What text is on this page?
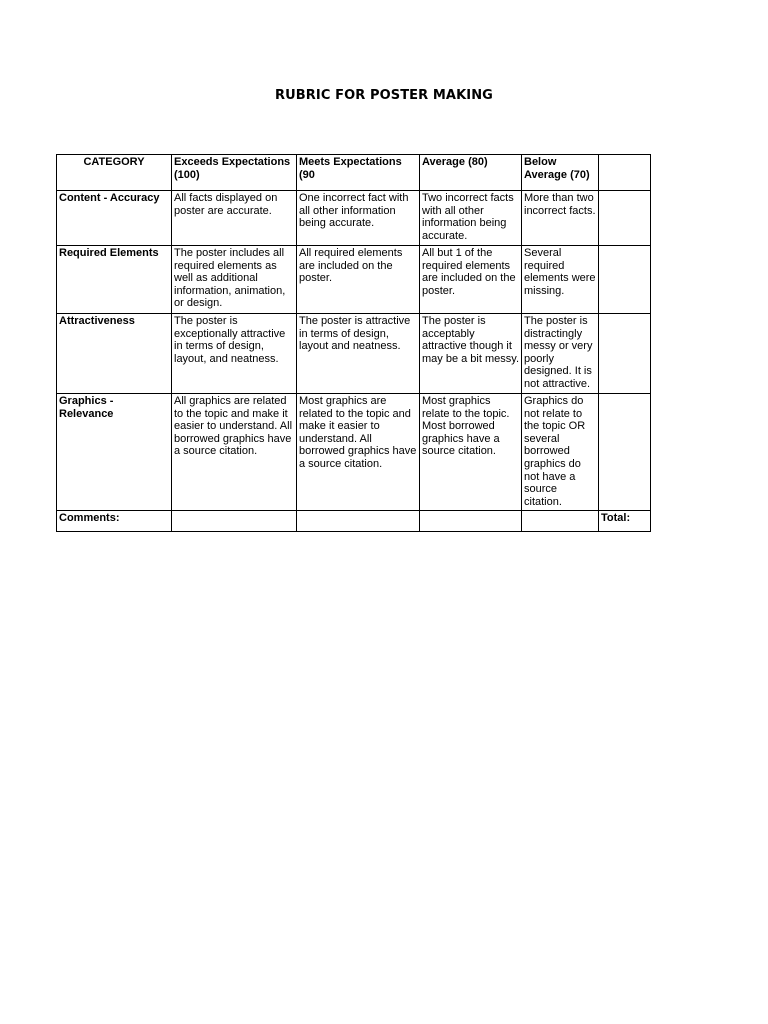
RUBRIC FOR POSTER MAKING
CATEGORY	Exceeds Expectations (100)	Meets Expectations (90	Average (80)	Below Average (70)	
Content - Accuracy	All facts displayed on poster are accurate.	One incorrect fact with all other information being accurate.	Two incorrect facts with all other information being accurate.	More than two incorrect facts.	
Required Elements	The poster includes all required elements as well as additional information, animation, or design.	All required elements are included on the poster.	All but 1 of the required elements are included on the poster.	Several required elements were missing.	
Attractiveness	The poster is exceptionally attractive in terms of design, layout, and neatness.	The poster is attractive in terms of design, layout and neatness.	The poster is acceptably attractive though it may be a bit messy.	The poster is distractingly messy or very poorly designed. It is not attractive.	
Graphics - Relevance	All graphics are related to the topic and make it easier to understand. All borrowed graphics have a source citation.	Most graphics are related to the topic and make it easier to understand. All borrowed graphics have a source citation.	Most graphics relate to the topic. Most borrowed graphics have a source citation.	Graphics do not relate to the topic OR several borrowed graphics do not have a source citation.	
Comments:					Total:
